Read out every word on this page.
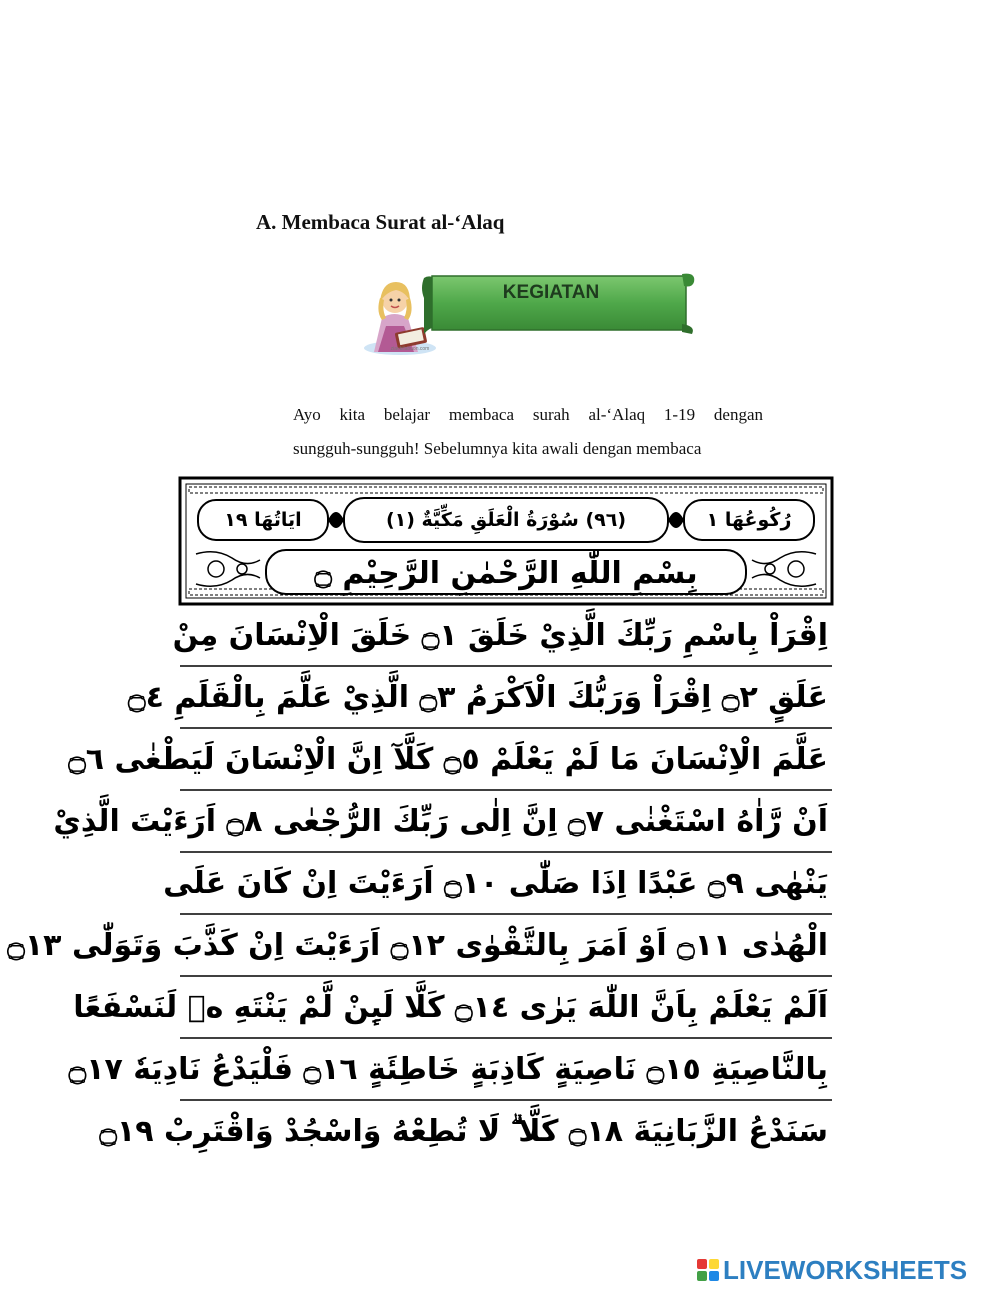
A. Membaca Surat al-‘Alaq
KEGIATAN
ziacbilabuon.com

Ayo kita belajar membaca surah al-‘Alaq 1-19 dengan

sungguh-sungguh! Sebelumnya kita awali dengan membaca

ايَاتُهَا ١٩	(٩٦) سُوْرَةُ الْعَلَقِ مَكِّيَّةٌ (١)	رُكُوعُهَا ١
بِسْمِ اللّٰهِ الرَّحْمٰنِ الرَّحِيْمِ ۝
اِقْرَاْ بِاسْمِ رَبِّكَ الَّذِيْ خَلَقَ ۝١ خَلَقَ الْاِنْسَانَ مِنْ
عَلَقٍ ۝٢ اِقْرَاْ وَرَبُّكَ الْاَكْرَمُ ۝٣ الَّذِيْ عَلَّمَ بِالْقَلَمِ ۝٤
عَلَّمَ الْاِنْسَانَ مَا لَمْ يَعْلَمْ ۝٥ كَلَّآ اِنَّ الْاِنْسَانَ لَيَطْغٰى ۝٦
اَنْ رَّاٰهُ اسْتَغْنٰى ۝٧ اِنَّ اِلٰى رَبِّكَ الرُّجْعٰى ۝٨ اَرَءَيْتَ الَّذِيْ
يَنْهٰى ۝٩ عَبْدًا اِذَا صَلّٰى ۝١٠ اَرَءَيْتَ اِنْ كَانَ عَلَى
الْهُدٰى ۝١١ اَوْ اَمَرَ بِالتَّقْوٰى ۝١٢ اَرَءَيْتَ اِنْ كَذَّبَ وَتَوَلّٰى ۝١٣
اَلَمْ يَعْلَمْ بِاَنَّ اللّٰهَ يَرٰى ۝١٤ كَلَّا لَىِٕنْ لَّمْ يَنْتَهِ ەۙ لَنَسْفَعًا
بِالنَّاصِيَةِ ۝١٥ نَاصِيَةٍ كَاذِبَةٍ خَاطِئَةٍ ۝١٦ فَلْيَدْعُ نَادِيَهٗ ۝١٧
سَنَدْعُ الزَّبَانِيَةَ ۝١٨ كَلَّا ۗ لَا تُطِعْهُ وَاسْجُدْ وَاقْتَرِبْ ۝١٩
LIVEWORKSHEETS
